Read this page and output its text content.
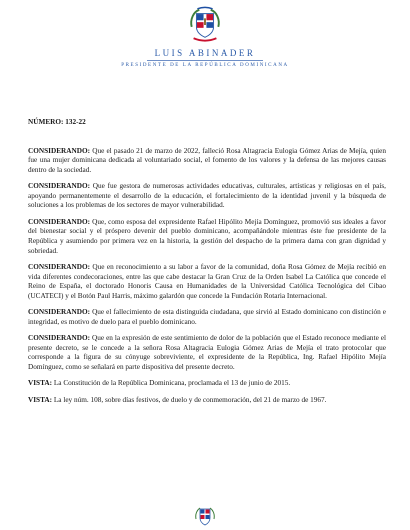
LUIS ABINADER
PRESIDENTE DE LA REPÚBLICA DOMINICANA

NÚMERO: 132-22

CONSIDERANDO: Que el pasado 21 de marzo de 2022, falleció Rosa Altagracia Eulogia Gómez Arias de Mejía, quien fue una mujer dominicana dedicada al voluntariado social, el fomento de los valores y la defensa de las mejores causas dentro de la sociedad.

CONSIDERANDO: Que fue gestora de numerosas actividades educativas, culturales, artísticas y religiosas en el país, apoyando permanentemente el desarrollo de la educación, el fortalecimiento de la identidad juvenil y la búsqueda de soluciones a los problemas de los sectores de mayor vulnerabilidad.

CONSIDERANDO: Que, como esposa del expresidente Rafael Hipólito Mejía Domínguez, promovió sus ideales a favor del bienestar social y el próspero devenir del pueblo dominicano, acompañándole mientras éste fue presidente de la República y asumiendo por primera vez en la historia, la gestión del despacho de la primera dama con gran dignidad y sobriedad.

CONSIDERANDO: Que en reconocimiento a su labor a favor de la comunidad, doña Rosa Gómez de Mejía recibió en vida diferentes condecoraciones, entre las que cabe destacar la Gran Cruz de la Orden Isabel La Católica que concede el Reino de España, el doctorado Honoris Causa en Humanidades de la Universidad Católica Tecnológica del Cibao (UCATECI) y el Botón Paul Harris, máximo galardón que concede la Fundación Rotaria Internacional.

CONSIDERANDO: Que el fallecimiento de esta distinguida ciudadana, que sirvió al Estado dominicano con distinción e integridad, es motivo de duelo para el pueblo dominicano.

CONSIDERANDO: Que en la expresión de este sentimiento de dolor de la población que el Estado reconoce mediante el presente decreto, se le concede a la señora Rosa Altagracia Eulogia Gómez Arias de Mejía el trato protocolar que corresponde a la figura de su cónyuge sobreviviente, el expresidente de la República, Ing. Rafael Hipólito Mejía Domínguez, como se señalará en parte dispositiva del presente decreto.

VISTA: La Constitución de la República Dominicana, proclamada el 13 de junio de 2015.

VISTA: La ley núm. 108, sobre días festivos, de duelo y de conmemoración, del 21 de marzo de 1967.
